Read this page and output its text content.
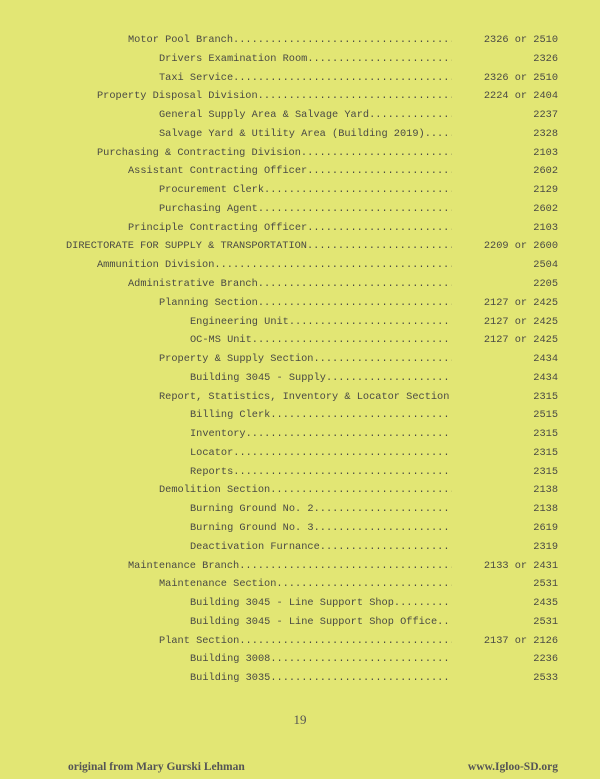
Motor Pool Branch .....	2326 or 2510
Drivers Examination Room .....	2326
Taxi Service .....	2326 or 2510
Property Disposal Division .....	2224 or 2404
General Supply Area & Salvage Yard .....	2237
Salvage Yard & Utility Area (Building 2019) .....	2328
Purchasing & Contracting Division .....	2103
Assistant Contracting Officer .....	2602
Procurement Clerk .....	2129
Purchasing Agent .....	2602
Principle Contracting Officer .....	2103
DIRECTORATE FOR SUPPLY & TRANSPORTATION .....	2209 or 2600
Ammunition Division .....	2504
Administrative Branch .....	2205
Planning Section .....	2127 or 2425
Engineering Unit .....	2127 or 2425
OC-MS Unit .....	2127 or 2425
Property & Supply Section .....	2434
Building 3045 - Supply .....	2434
Report, Statistics, Inventory & Locator Section	2315
Billing Clerk .....	2515
Inventory .....	2315
Locator .....	2315
Reports .....	2315
Demolition Section .....	2138
Burning Ground No. 2 .....	2138
Burning Ground No. 3 .....	2619
Deactivation Furnance .....	2319
Maintenance Branch .....	2133 or 2431
Maintenance Section .....	2531
Building 3045 - Line Support Shop .....	2435
Building 3045 - Line Support Shop Office .....	2531
Plant Section .....	2137 or 2126
Building 3008 .....	2236
Building 3035 .....	2533
19
original from Mary Gurski Lehman	www.Igloo-SD.org
